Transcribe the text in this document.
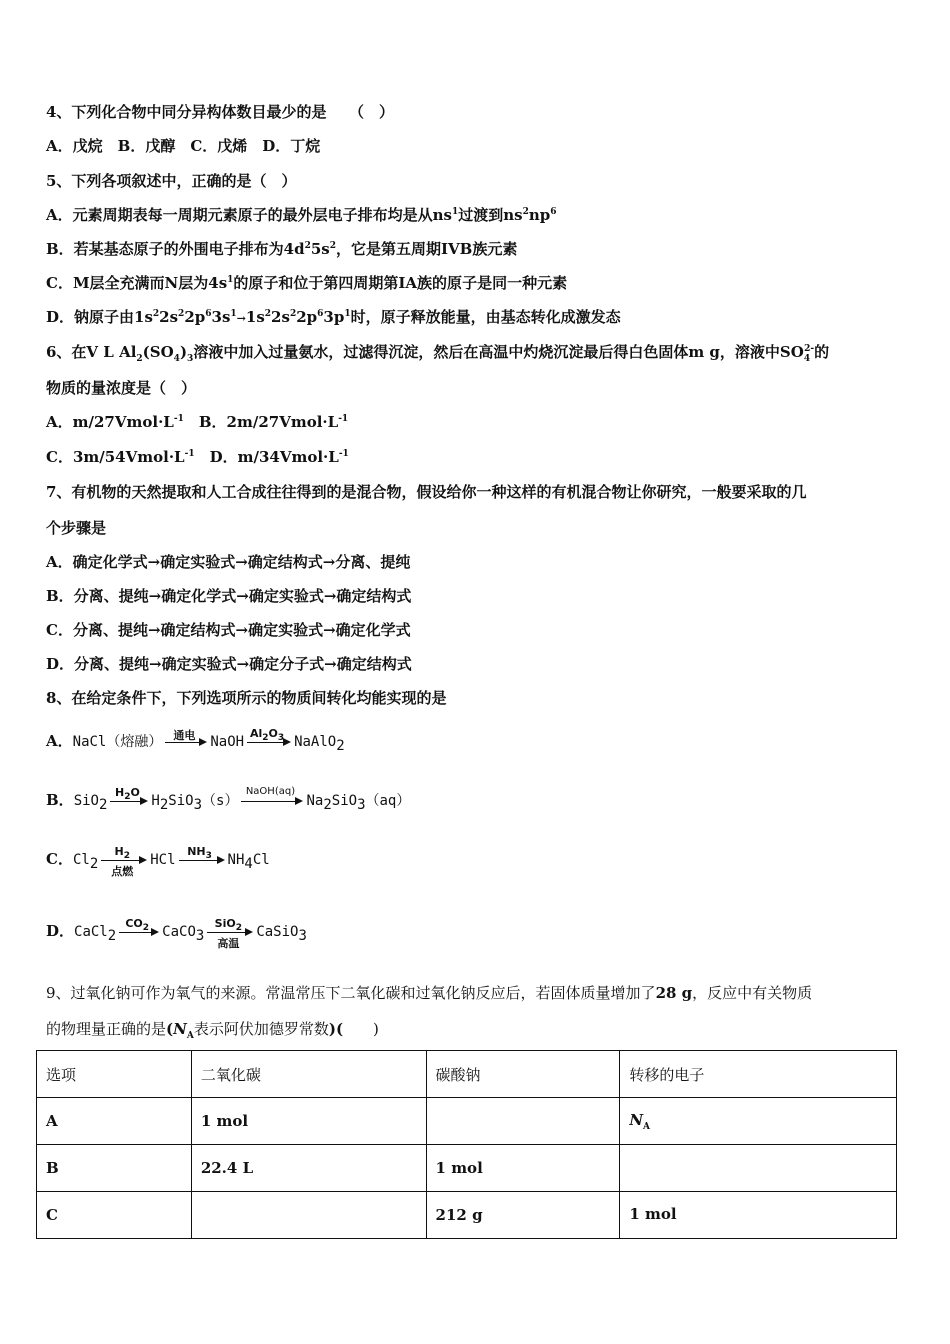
4、下列化合物中同分异构体数目最少的是　　（　）
A．戊烷　B．戊醇　C．戊烯　D．丁烷
5、下列各项叙述中，正确的是（　）
A．元素周期表每一周期元素原子的最外层电子排布均是从$ns^1$过渡到$ns^2np^6$
B．若某基态原子的外围电子排布为$4d^25s^2$，它是第五周期IVB族元素
C．M层全充满而N层为$4s^1$的原子和位于第四周期第ⅠA族的原子是同一种元素
D．钠原子由$1s^22s^22p^63s^1\to 1s^22s^22p^63p^1$时，原子释放能量，由基态转化成激发态
6、在V L $Al_2(SO_4)_3$溶液中加入过量氨水，过滤得沉淀，然后在高温中灼烧沉淀最后得白色固体m g，溶液中$SO_4^{2-}$的
物质的量浓度是（　）
A．$m/27Vmol\cdot L^{-1}$　B．$2m/27Vmol\cdot L^{-1}$
C．$3m/54Vmol\cdot L^{-1}$　D．$m/34Vmol\cdot L^{-1}$
7、有机物的天然提取和人工合成往往得到的是混合物，假设给你一种这样的有机混合物让你研究，一般要采取的几
个步骤是
A．确定化学式→确定实验式→确定结构式→分离、提纯
B．分离、提纯→确定化学式→确定实验式→确定结构式
C．分离、提纯→确定结构式→确定实验式→确定化学式
D．分离、提纯→确定实验式→确定分子式→确定结构式
8、在给定条件下，下列选项所示的物质间转化均能实现的是
A．NaCl（熔融）	通电	NaOH
$Al_2O_3$ NaAlO$_2$
B．SiO$_2$
$H_2O$
$H_2SiO_3(s)$
NaOH(aq)
$Na_2SiO_3(aq)$
C．$Cl_2$
$H_2$
点燃
HCl
$NH_3$	$NH_4Cl$
D．CaCl$_2$
$CO_2$ CaCO$_3$
SiO$_2$
高温
CaSiO$_3$
9、过氧化钠可作为氧气的来源。常温常压下二氧化碳和过氧化钠反应后，若固体质量增加了28 g，反应中有关物质
的物理量正确的是($N_A$表示阿伏加德罗常数)(　　)
选项	二氧化碳	碳酸钠	转移的电子
A	1 mol		$N_A$
B	22.4 L	1 mol	
C		212 g	1 mol
